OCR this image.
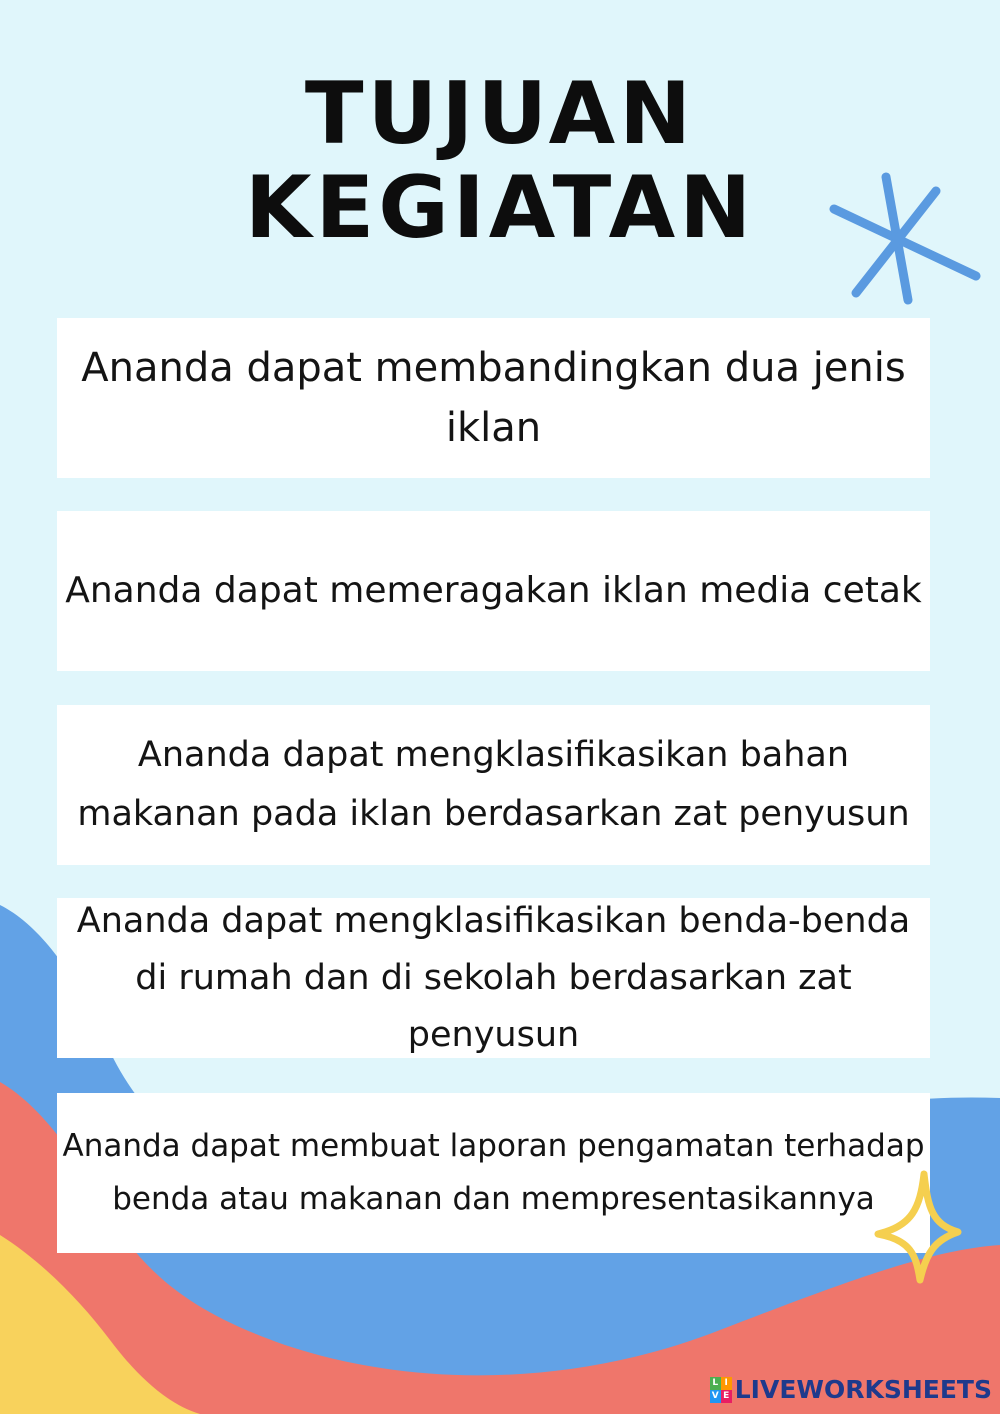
TUJUAN
KEGIATAN
Ananda dapat membandingkan dua jenis iklan
Ananda dapat memeragakan iklan media cetak
Ananda dapat mengklasifikasikan bahan makanan pada iklan berdasarkan zat penyusun
Ananda dapat mengklasifikasikan benda-benda di rumah dan di sekolah berdasarkan zat penyusun
Ananda dapat membuat laporan pengamatan terhadap benda atau makanan dan mempresentasikannya
L I
V E LIVEWORKSHEETS
